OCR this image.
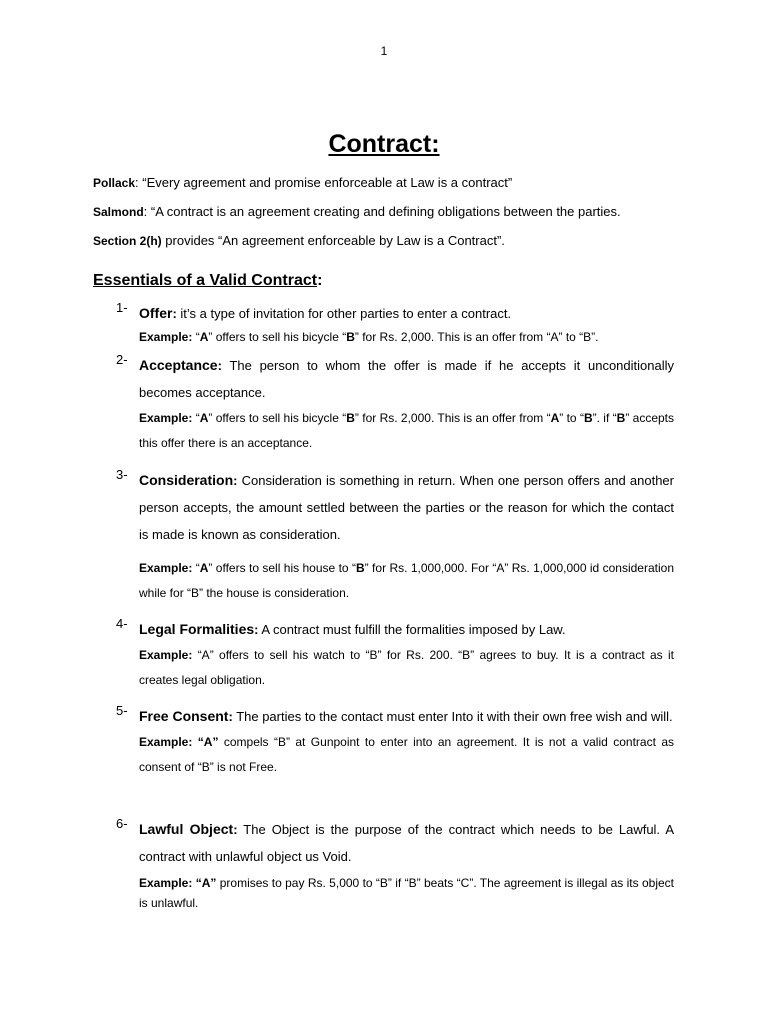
1
Contract:
Pollack: “Every agreement and promise enforceable at Law is a contract”
Salmond: “A contract is an agreement creating and defining obligations between the parties.
Section 2(h) provides “An agreement enforceable by Law is a Contract”.
Essentials of a Valid Contract:
1- Offer: it’s a type of invitation for other parties to enter a contract.
Example: “A” offers to sell his bicycle “B” for Rs. 2,000. This is an offer from “A” to “B”.
2- Acceptance: The person to whom the offer is made if he accepts it unconditionally becomes acceptance.
Example: “A” offers to sell his bicycle “B” for Rs. 2,000. This is an offer from “A” to “B”. if “B” accepts this offer there is an acceptance.
3- Consideration: Consideration is something in return. When one person offers and another person accepts, the amount settled between the parties or the reason for which the contact is made is known as consideration.
Example: “A” offers to sell his house to “B” for Rs. 1,000,000. For “A” Rs. 1,000,000 id consideration while for “B” the house is consideration.
4- Legal Formalities: A contract must fulfill the formalities imposed by Law.
Example: “A” offers to sell his watch to “B” for Rs. 200. “B” agrees to buy. It is a contract as it creates legal obligation.
5- Free Consent: The parties to the contact must enter Into it with their own free wish and will.
Example: “A” compels “B” at Gunpoint to enter into an agreement. It is not a valid contract as consent of “B” is not Free.
6- Lawful Object: The Object is the purpose of the contract which needs to be Lawful. A contract with unlawful object us Void.
Example: “A” promises to pay Rs. 5,000 to “B” if “B” beats “C”. The agreement is illegal as its object is unlawful.
